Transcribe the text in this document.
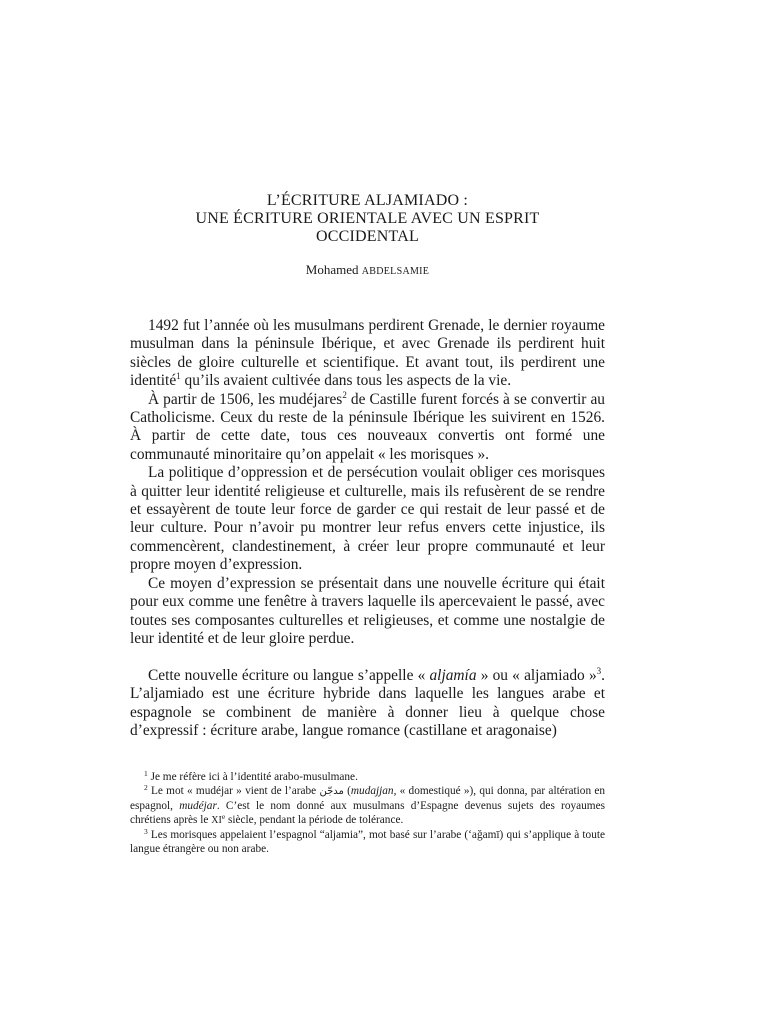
L’ÉCRITURE ALJAMIADO :
UNE ÉCRITURE ORIENTALE AVEC UN ESPRIT
OCCIDENTAL
Mohamed ABDELSAMIE

1492 fut l’année où les musulmans perdirent Grenade, le dernier royaume musulman dans la péninsule Ibérique, et avec Grenade ils perdirent huit siècles de gloire culturelle et scientifique. Et avant tout, ils perdirent une identité$^1$ qu’ils avaient cultivée dans tous les aspects de la vie.

À partir de 1506, les mudéjares$^2$ de Castille furent forcés à se convertir au Catholicisme. Ceux du reste de la péninsule Ibérique les suivirent en 1526. À partir de cette date, tous ces nouveaux convertis ont formé une communauté minoritaire qu’on appelait « les morisques ».

La politique d’oppression et de persécution voulait obliger ces morisques à quitter leur identité religieuse et culturelle, mais ils refusèrent de se rendre et essayèrent de toute leur force de garder ce qui restait de leur passé et de leur culture. Pour n’avoir pu montrer leur refus envers cette injustice, ils commencèrent, clandestinement, à créer leur propre communauté et leur propre moyen d’expression.

Ce moyen d’expression se présentait dans une nouvelle écriture qui était pour eux comme une fenêtre à travers laquelle ils apercevaient le passé, avec toutes ses composantes culturelles et religieuses, et comme une nostalgie de leur identité et de leur gloire perdue.

Cette nouvelle écriture ou langue s’appelle « aljamía » ou « aljamiado »$^3$. L’aljamiado est une écriture hybride dans laquelle les langues arabe et espagnole se combinent de manière à donner lieu à quelque chose d’expressif : écriture arabe, langue romance (castillane et aragonaise)

$^1$ Je me réfère ici à l’identité arabo-musulmane.

$^2$ Le mot « mudéjar » vient de l’arabe مدجّن (mudajjan, « domestiqué »), qui donna, par altération en espagnol, mudéjar. C’est le nom donné aux musulmans d’Espagne devenus sujets des royaumes chrétiens après le XIe siècle, pendant la période de tolérance.

$^3$ Les morisques appelaient l’espagnol “aljamia”, mot basé sur l’arabe (‘ağamī) qui s’applique à toute langue étrangère ou non arabe.
